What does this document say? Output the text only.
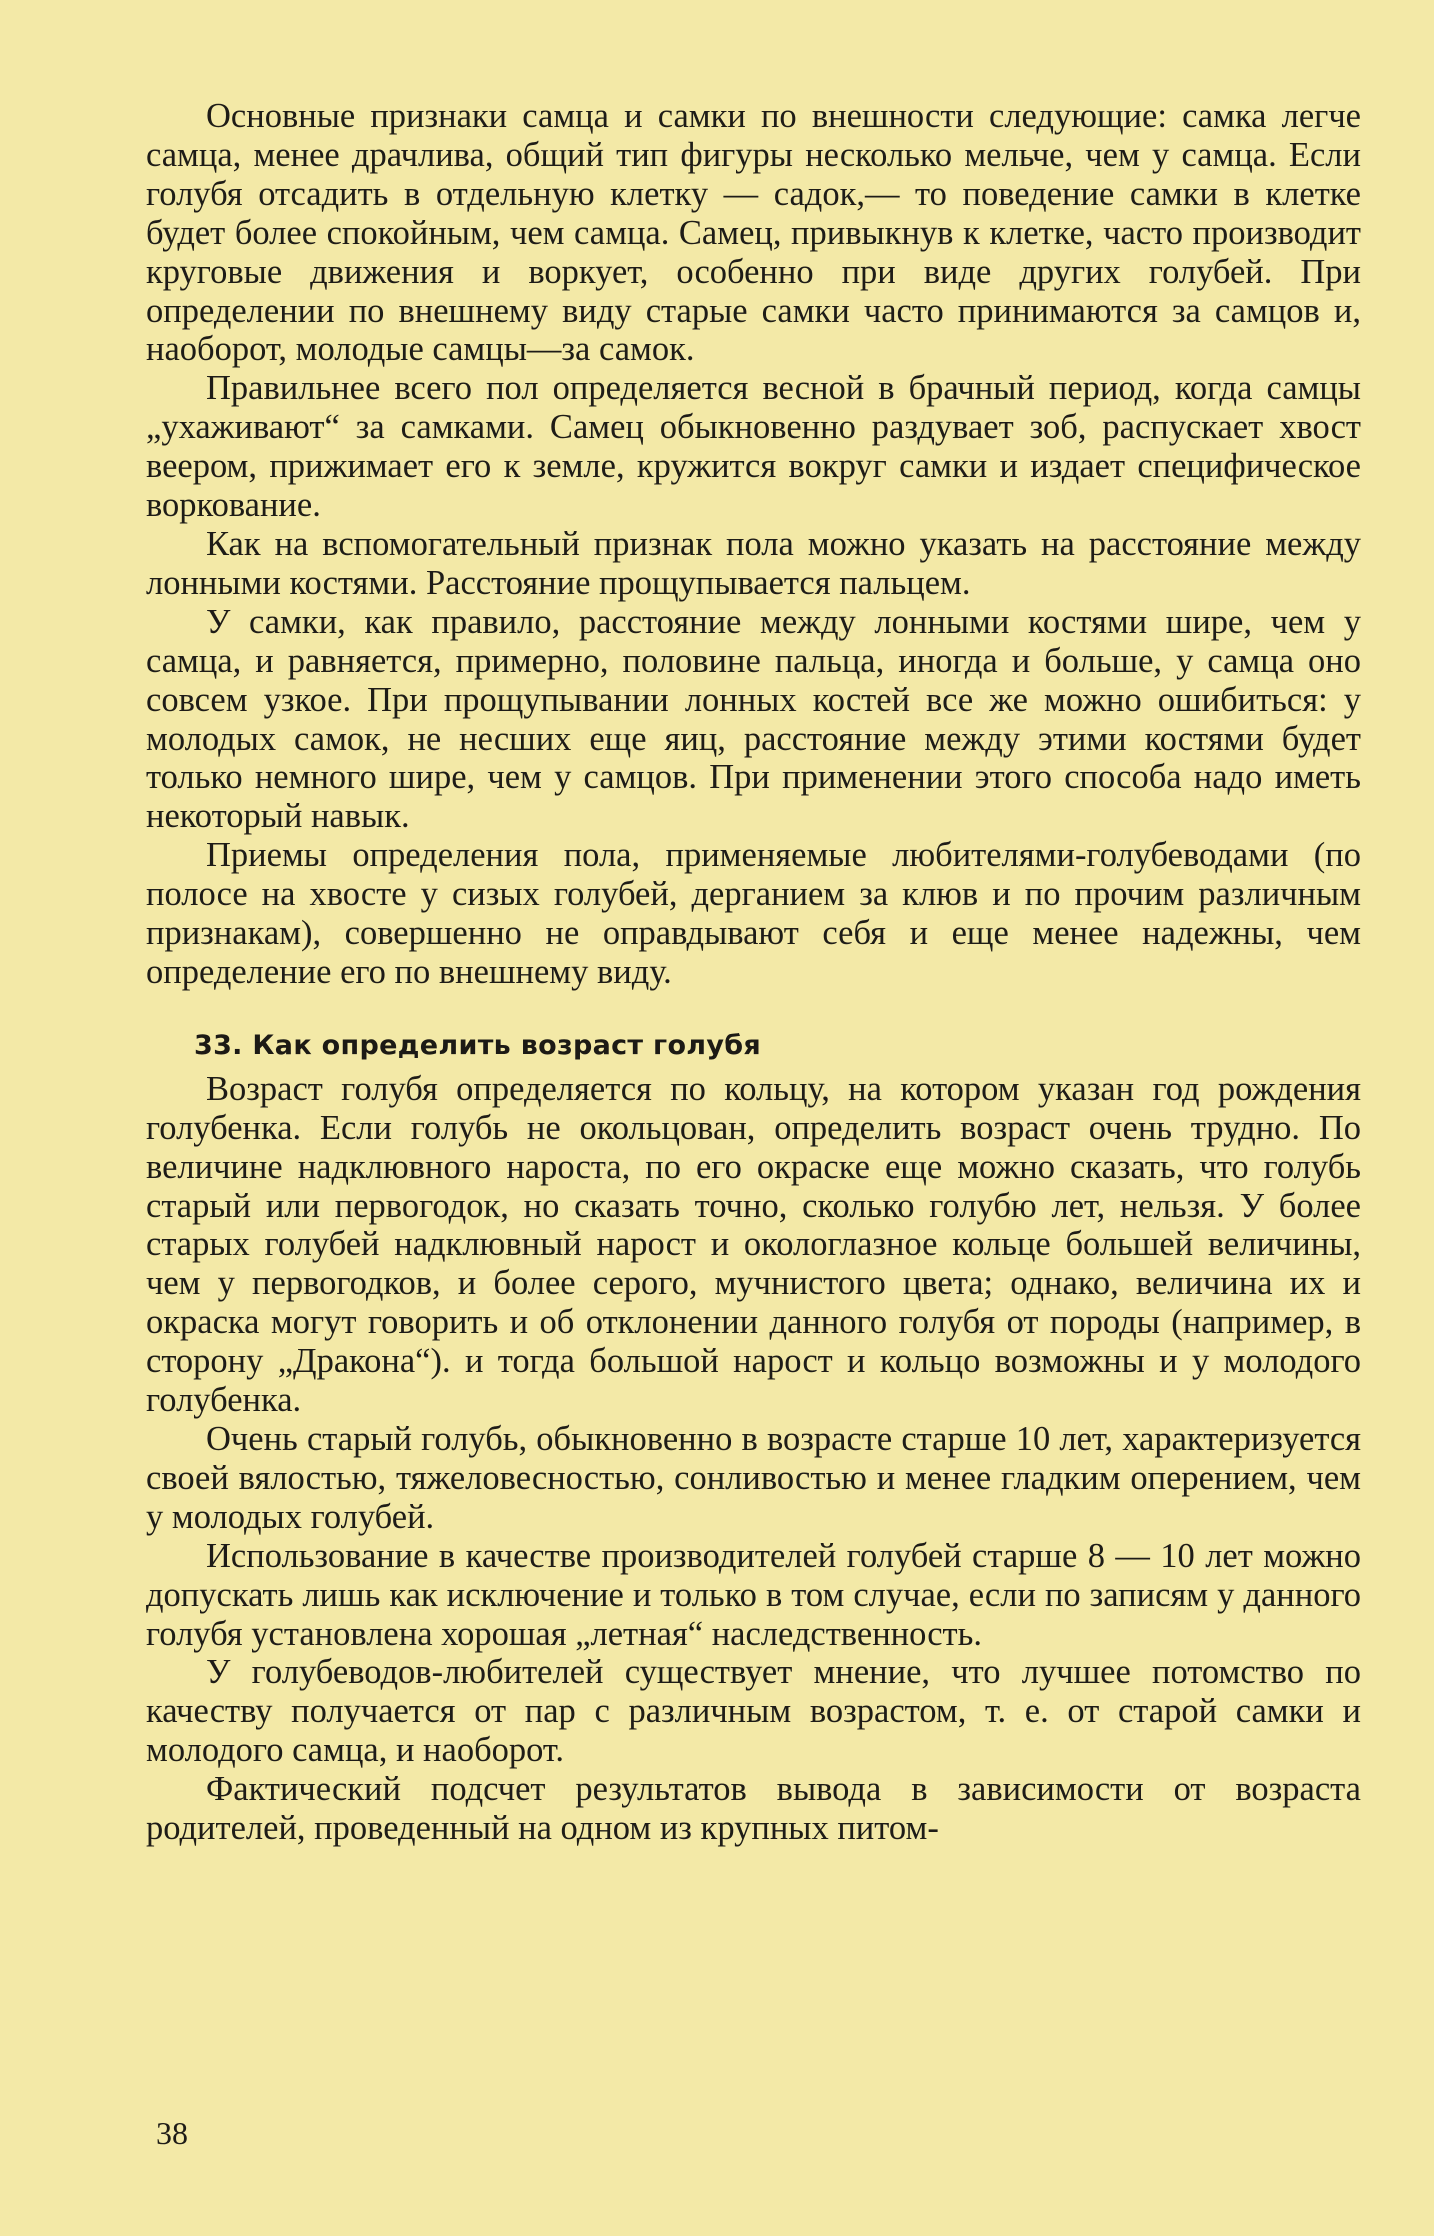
Основные признаки самца и самки по внешности следующие: самка легче самца, менее драчлива, общий тип фигуры несколько мельче, чем у самца. Если голубя отсадить в отдельную клетку — садок,— то поведение самки в клетке будет более спокойным, чем самца. Самец, привыкнув к клетке, часто производит круговые движения и воркует, особенно при виде других голубей. При определении по внешнему виду старые самки часто принимаются за самцов и, наоборот, молодые самцы—за самок.

Правильнее всего пол определяется весной в брачный период, когда самцы „ухаживают“ за самками. Самец обыкновенно раздувает зоб, распускает хвост веером, прижимает его к земле, кружится вокруг самки и издает специфическое воркование.

Как на вспомогательный признак пола можно указать на расстояние между лонными костями. Расстояние прощупывается пальцем.

У самки, как правило, расстояние между лонными костями шире, чем у самца, и равняется, примерно, половине пальца, иногда и больше, у самца оно совсем узкое. При прощупывании лонных костей все же можно ошибиться: у молодых самок, не несших еще яиц, расстояние между этими костями будет только немного шире, чем у самцов. При применении этого способа надо иметь некоторый навык.

Приемы определения пола, применяемые любителями-голубеводами (по полосе на хвосте у сизых голубей, дерганием за клюв и по прочим различным признакам), совершенно не оправдывают себя и еще менее надежны, чем определение его по внешнему виду.

33. Как определить возраст голубя

Возраст голубя определяется по кольцу, на котором указан год рождения голубенка. Если голубь не окольцован, определить возраст очень трудно. По величине надклювного нароста, по его окраске еще можно сказать, что голубь старый или первогодок, но сказать точно, сколько голубю лет, нельзя. У более старых голубей надклювный нарост и окологлазное кольце большей величины, чем у первогодков, и более серого, мучнистого цвета; однако, величина их и окраска могут говорить и об отклонении данного голубя от породы (например, в сторону „Дракона“). и тогда большой нарост и кольцо возможны и у молодого голубенка.

Очень старый голубь, обыкновенно в возрасте старше 10 лет, характеризуется своей вялостью, тяжеловесностью, сонливостью и менее гладким оперением, чем у молодых голубей.

Использование в качестве производителей голубей старше 8 — 10 лет можно допускать лишь как исключение и только в том случае, если по записям у данного голубя установлена хорошая „летная“ наследственность.

У голубеводов-любителей существует мнение, что лучшее потомство по качеству получается от пар с различным возрастом, т. е. от старой самки и молодого самца, и наоборот.

Фактический подсчет результатов вывода в зависимости от возраста родителей, проведенный на одном из крупных питом-

38
